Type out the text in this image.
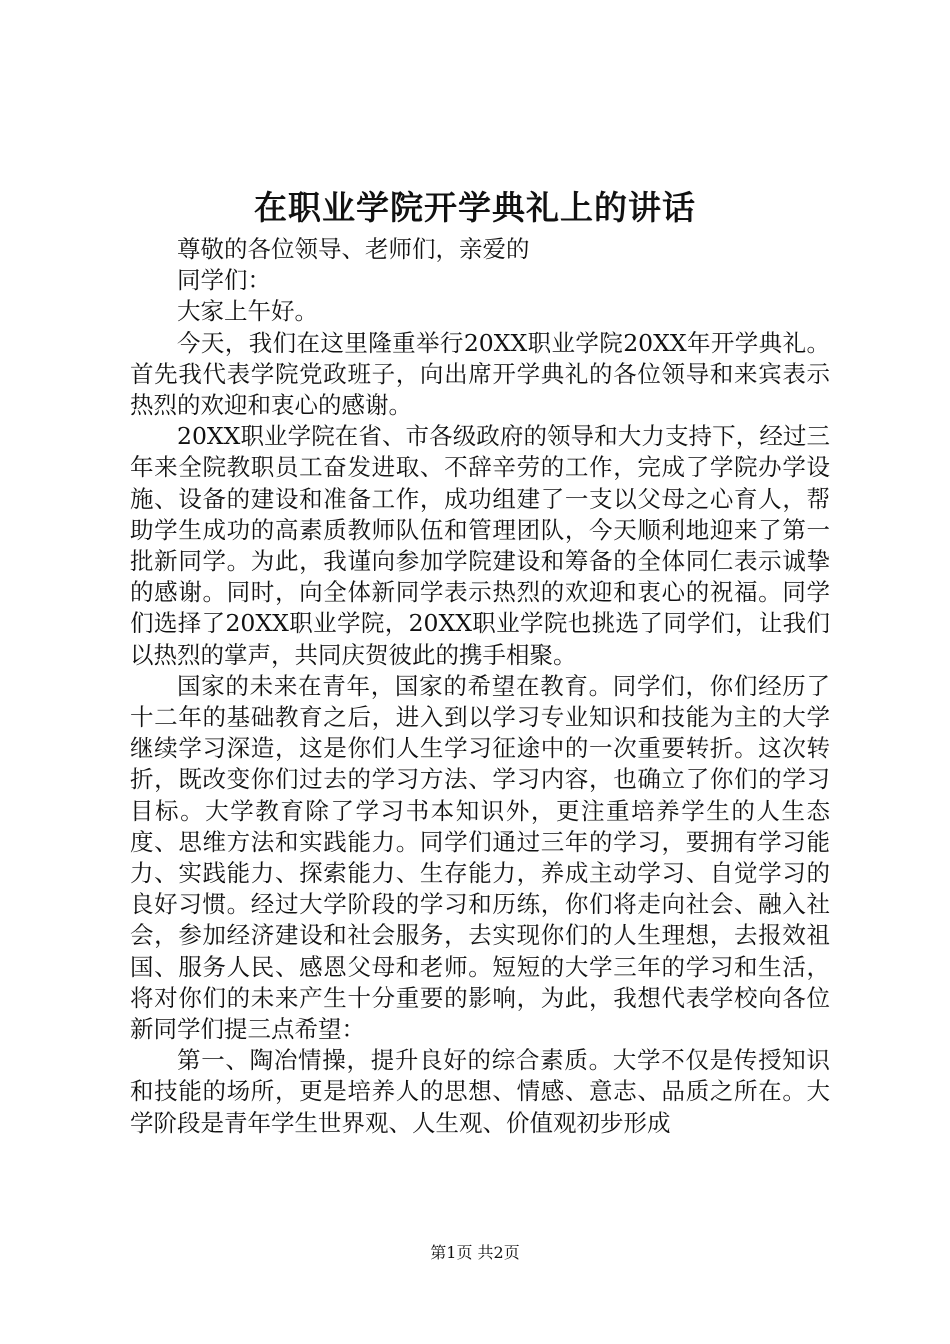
在职业学院开学典礼上的讲话

尊敬的各位领导、老师们，亲爱的

同学们：

大家上午好。

今天，我们在这里隆重举行20XX职业学院20XX年开学典礼。首先我代表学院党政班子，向出席开学典礼的各位领导和来宾表示热烈的欢迎和衷心的感谢。

20XX职业学院在省、市各级政府的领导和大力支持下，经过三年来全院教职员工奋发进取、不辞辛劳的工作，完成了学院办学设施、设备的建设和准备工作，成功组建了一支以父母之心育人，帮助学生成功的高素质教师队伍和管理团队，今天顺利地迎来了第一批新同学。为此，我谨向参加学院建设和筹备的全体同仁表示诚挚的感谢。同时，向全体新同学表示热烈的欢迎和衷心的祝福。同学们选择了20XX职业学院，20XX职业学院也挑选了同学们，让我们以热烈的掌声，共同庆贺彼此的携手相聚。

国家的未来在青年，国家的希望在教育。同学们，你们经历了十二年的基础教育之后，进入到以学习专业知识和技能为主的大学继续学习深造，这是你们人生学习征途中的一次重要转折。这次转折，既改变你们过去的学习方法、学习内容，也确立了你们的学习目标。大学教育除了学习书本知识外，更注重培养学生的人生态度、思维方法和实践能力。同学们通过三年的学习，要拥有学习能力、实践能力、探索能力、生存能力，养成主动学习、自觉学习的良好习惯。经过大学阶段的学习和历练，你们将走向社会、融入社会，参加经济建设和社会服务，去实现你们的人生理想，去报效祖国、服务人民、感恩父母和老师。短短的大学三年的学习和生活，将对你们的未来产生十分重要的影响，为此，我想代表学校向各位新同学们提三点希望：

第一、陶冶情操，提升良好的综合素质。大学不仅是传授知识和技能的场所，更是培养人的思想、情感、意志、品质之所在。大学阶段是青年学生世界观、人生观、价值观初步形成

第1页 共2页
